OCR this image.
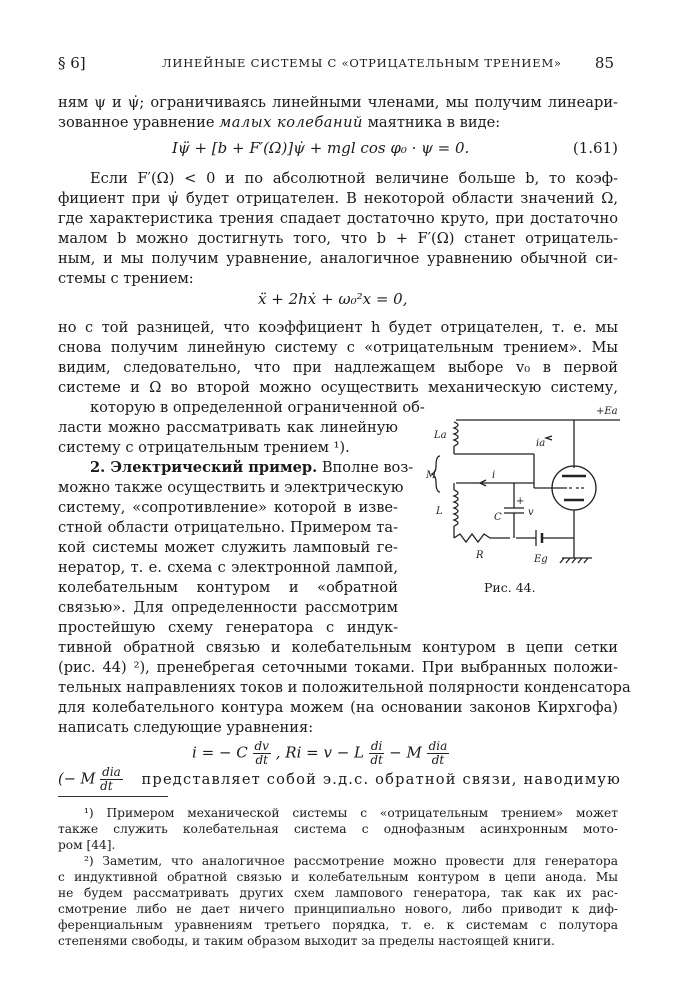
§ 6]	ЛИНЕЙНЫЕ СИСТЕМЫ С «ОТРИЦАТЕЛЬНЫМ ТРЕНИЕМ» 85
ням ψ и ψ̇; ограничиваясь линейными членами, мы получим линеари-
зованное уравнение малых колебаний маятника в виде:
Iψ̈ + [b + F′(Ω)]ψ̇ + mgl cos φ₀ · ψ = 0.	(1.61)
Если F′(Ω) < 0 и по абсолютной величине больше b, то коэф-
фициент при ψ̇ будет отрицателен. В некоторой области значений Ω,
где характеристика трения спадает достаточно круто, при достаточно
малом b можно достигнуть того, что b + F′(Ω) станет отрицатель-
ным, и мы получим уравнение, аналогичное уравнению обычной си-
стемы с трением:
ẍ + 2hẋ + ω₀²x = 0,
но с той разницей, что коэффициент h будет отрицателен, т. е. мы
снова получим линейную систему с «отрицательным трением». Мы
видим, следовательно, что при надлежащем выборе v₀ в первой
системе и Ω во второй можно осуществить механическую систему,
которую в определенной ограниченной об-
ласти можно рассматривать как линейную
систему с отрицательным трением ¹).
2. Электрический пример. Вполне воз-
можно также осуществить и электрическую
систему, «сопротивление» которой в изве-
стной области отрицательно. Примером та-
кой системы может служить ламповый ге-
нератор, т. е. схема с электронной лампой,
колебательным контуром и «обратной
связью». Для определенности рассмотрим
простейшую схему генератора с индук-
тивной обратной связью и колебательным контуром в цепи сетки
(рис. 44) ²), пренебрегая сеточными токами. При выбранных положи-
тельных направлениях токов и положительной полярности конденсатора
для колебательного контура можем (на основании законов Кирхгофа)
написать следующие уравнения:
i = − C $\frac{dv}{dt}$ , Ri = v − L $\frac{di}{dt} - M \frac{\text{dia}}{dt}$
(− M $\frac{\text{dia}}{dt}$ представляет собой э.д.с. обратной связи, наводимую
+Eа
La
ia
M	i
+
v
C
L
R	Eg
Рис. 44.
¹) Примером механической системы с «отрицательным трением» может
также служить колебательная система с однофазным асинхронным мото-
ром [44].
²) Заметим, что аналогичное рассмотрение можно провести для генератора
с индуктивной обратной связью и колебательным контуром в цепи анода. Мы
не будем рассматривать других схем лампового генератора, так как их рас-
смотрение либо не дает ничего принципиально нового, либо приводит к диф-
ференциальным уравнениям третьего порядка, т. е. к системам с полутора
степенями свободы, и таким образом выходит за пределы настоящей книги.
